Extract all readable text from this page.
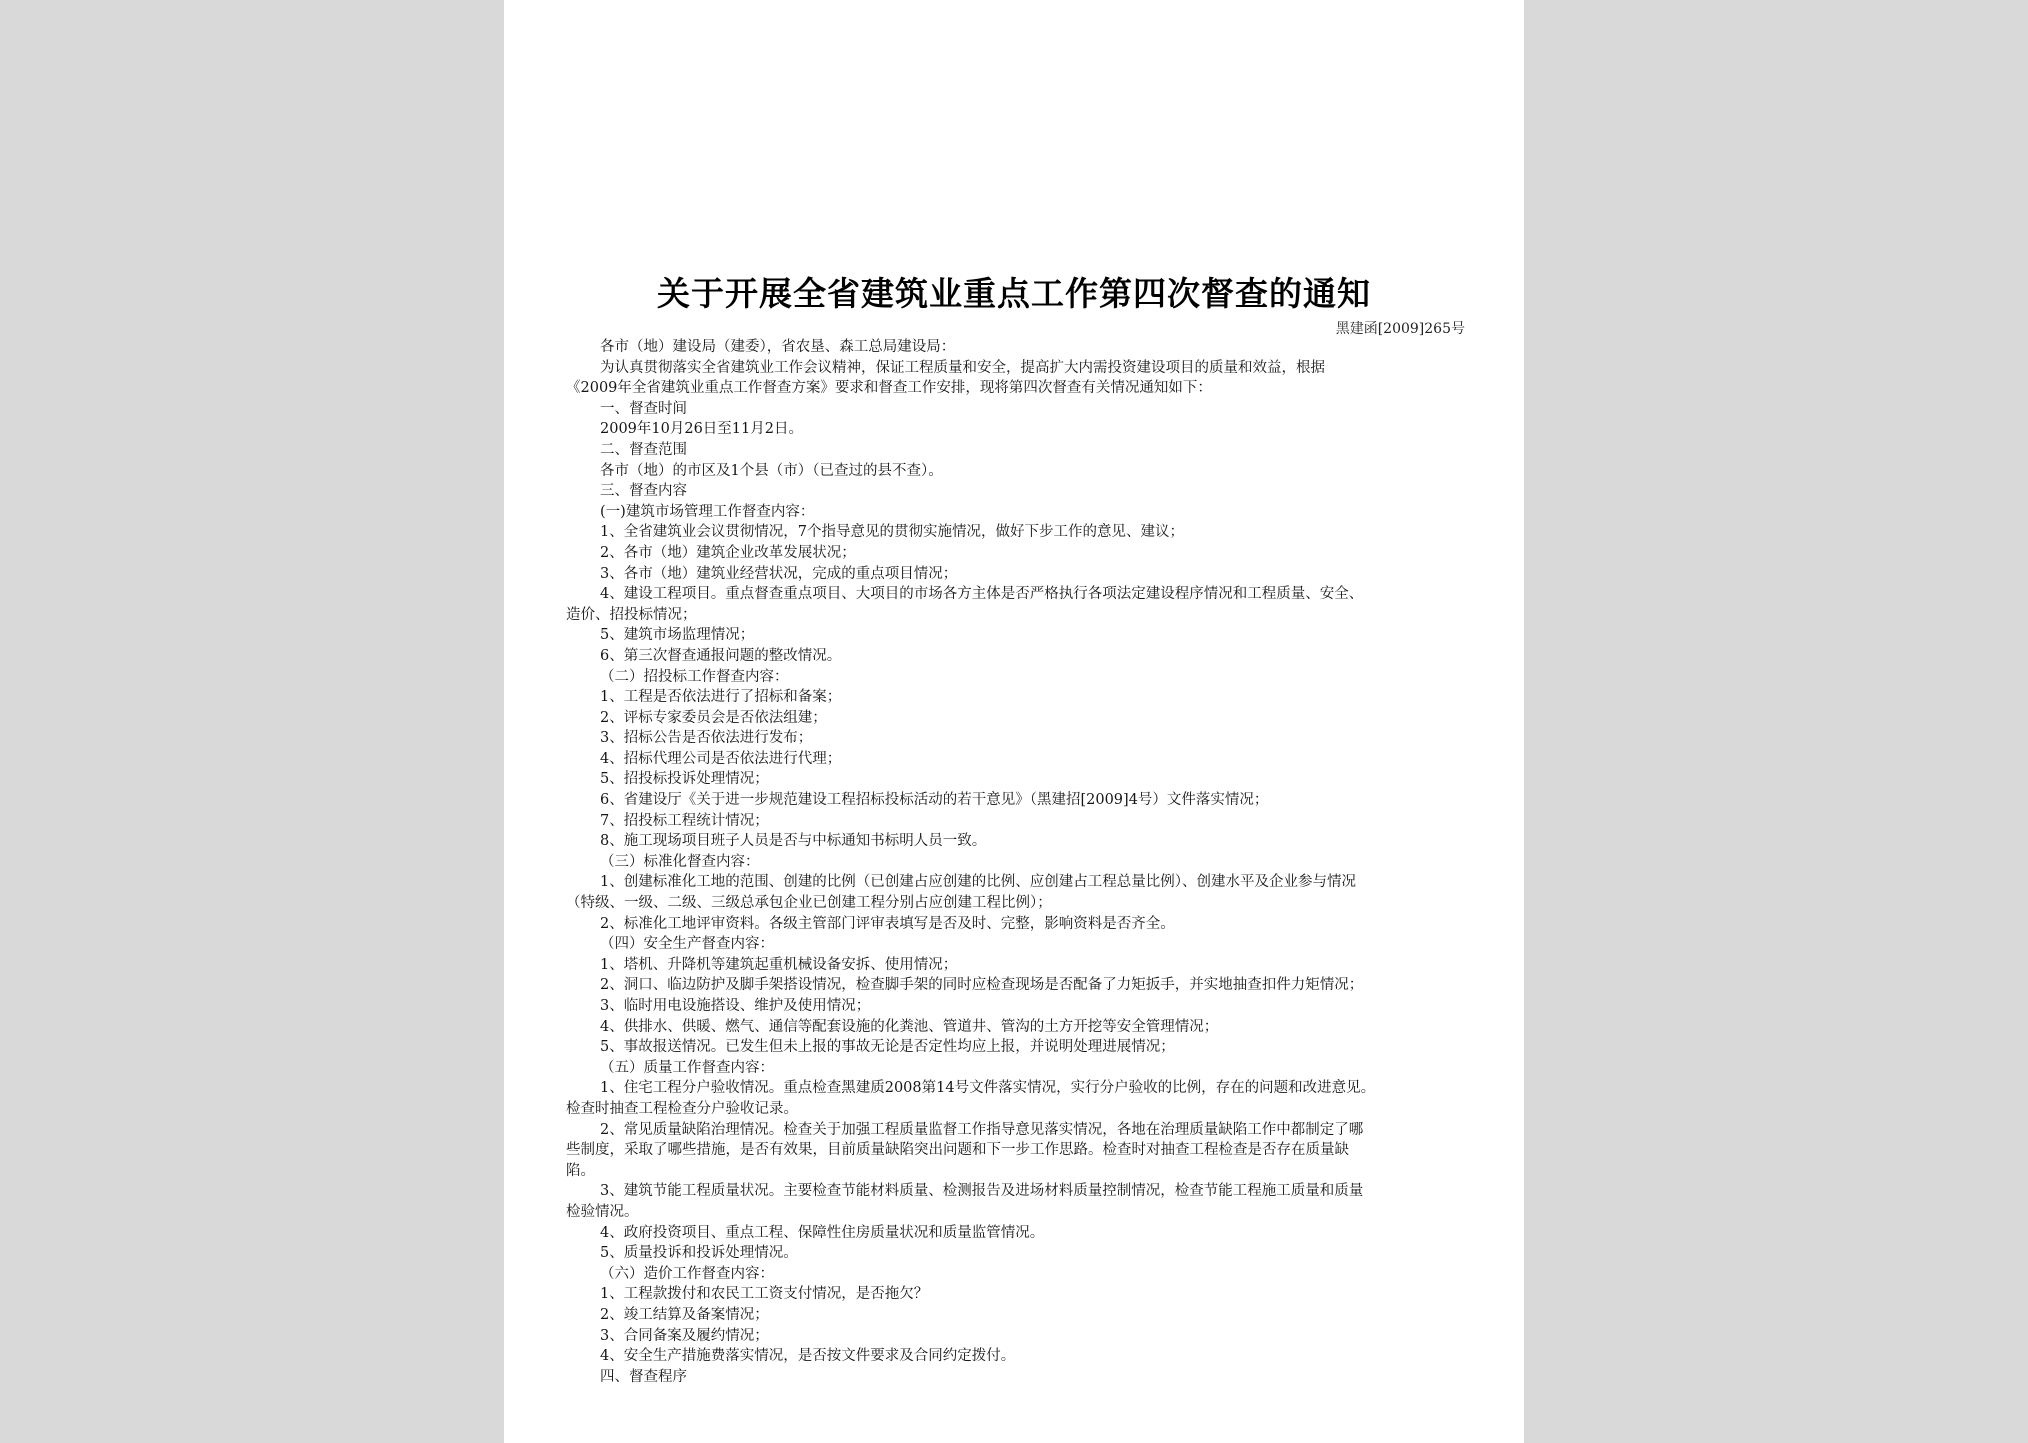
关于开展全省建筑业重点工作第四次督查的通知
黑建函[2009]265号
各市（地）建设局（建委），省农垦、森工总局建设局：
为认真贯彻落实全省建筑业工作会议精神，保证工程质量和安全，提高扩大内需投资建设项目的质量和效益，根据
《2009年全省建筑业重点工作督查方案》要求和督查工作安排，现将第四次督查有关情况通知如下：
一、督查时间
2009年10月26日至11月2日。
二、督查范围
各市（地）的市区及1个县（市）（已查过的县不查）。
三、督查内容
(一)建筑市场管理工作督查内容：
1、全省建筑业会议贯彻情况，7个指导意见的贯彻实施情况，做好下步工作的意见、建议；
2、各市（地）建筑企业改革发展状况；
3、各市（地）建筑业经营状况，完成的重点项目情况；
4、建设工程项目。重点督查重点项目、大项目的市场各方主体是否严格执行各项法定建设程序情况和工程质量、安全、
造价、招投标情况；
5、建筑市场监理情况；
6、第三次督查通报问题的整改情况。
（二）招投标工作督查内容：
1、工程是否依法进行了招标和备案；
2、评标专家委员会是否依法组建；
3、招标公告是否依法进行发布；
4、招标代理公司是否依法进行代理；
5、招投标投诉处理情况；
6、省建设厅《关于进一步规范建设工程招标投标活动的若干意见》（黑建招[2009]4号）文件落实情况；
7、招投标工程统计情况；
8、施工现场项目班子人员是否与中标通知书标明人员一致。
（三）标准化督查内容：
1、创建标准化工地的范围、创建的比例（已创建占应创建的比例、应创建占工程总量比例）、创建水平及企业参与情况
（特级、一级、二级、三级总承包企业已创建工程分别占应创建工程比例）；
2、标准化工地评审资料。各级主管部门评审表填写是否及时、完整，影响资料是否齐全。
（四）安全生产督查内容：
1、塔机、升降机等建筑起重机械设备安拆、使用情况；
2、洞口、临边防护及脚手架搭设情况，检查脚手架的同时应检查现场是否配备了力矩扳手，并实地抽查扣件力矩情况；
3、临时用电设施搭设、维护及使用情况；
4、供排水、供暖、燃气、通信等配套设施的化粪池、管道井、管沟的土方开挖等安全管理情况；
5、事故报送情况。已发生但未上报的事故无论是否定性均应上报，并说明处理进展情况；
（五）质量工作督查内容：
1、住宅工程分户验收情况。重点检查黑建质2008第14号文件落实情况，实行分户验收的比例，存在的问题和改进意见。
检查时抽查工程检查分户验收记录。
2、常见质量缺陷治理情况。检查关于加强工程质量监督工作指导意见落实情况，各地在治理质量缺陷工作中都制定了哪
些制度，采取了哪些措施，是否有效果，目前质量缺陷突出问题和下一步工作思路。检查时对抽查工程检查是否存在质量缺
陷。
3、建筑节能工程质量状况。主要检查节能材料质量、检测报告及进场材料质量控制情况，检查节能工程施工质量和质量
检验情况。
4、政府投资项目、重点工程、保障性住房质量状况和质量监管情况。
5、质量投诉和投诉处理情况。
（六）造价工作督查内容：
1、工程款拨付和农民工工资支付情况，是否拖欠？
2、竣工结算及备案情况；
3、合同备案及履约情况；
4、安全生产措施费落实情况，是否按文件要求及合同约定拨付。
四、督查程序
